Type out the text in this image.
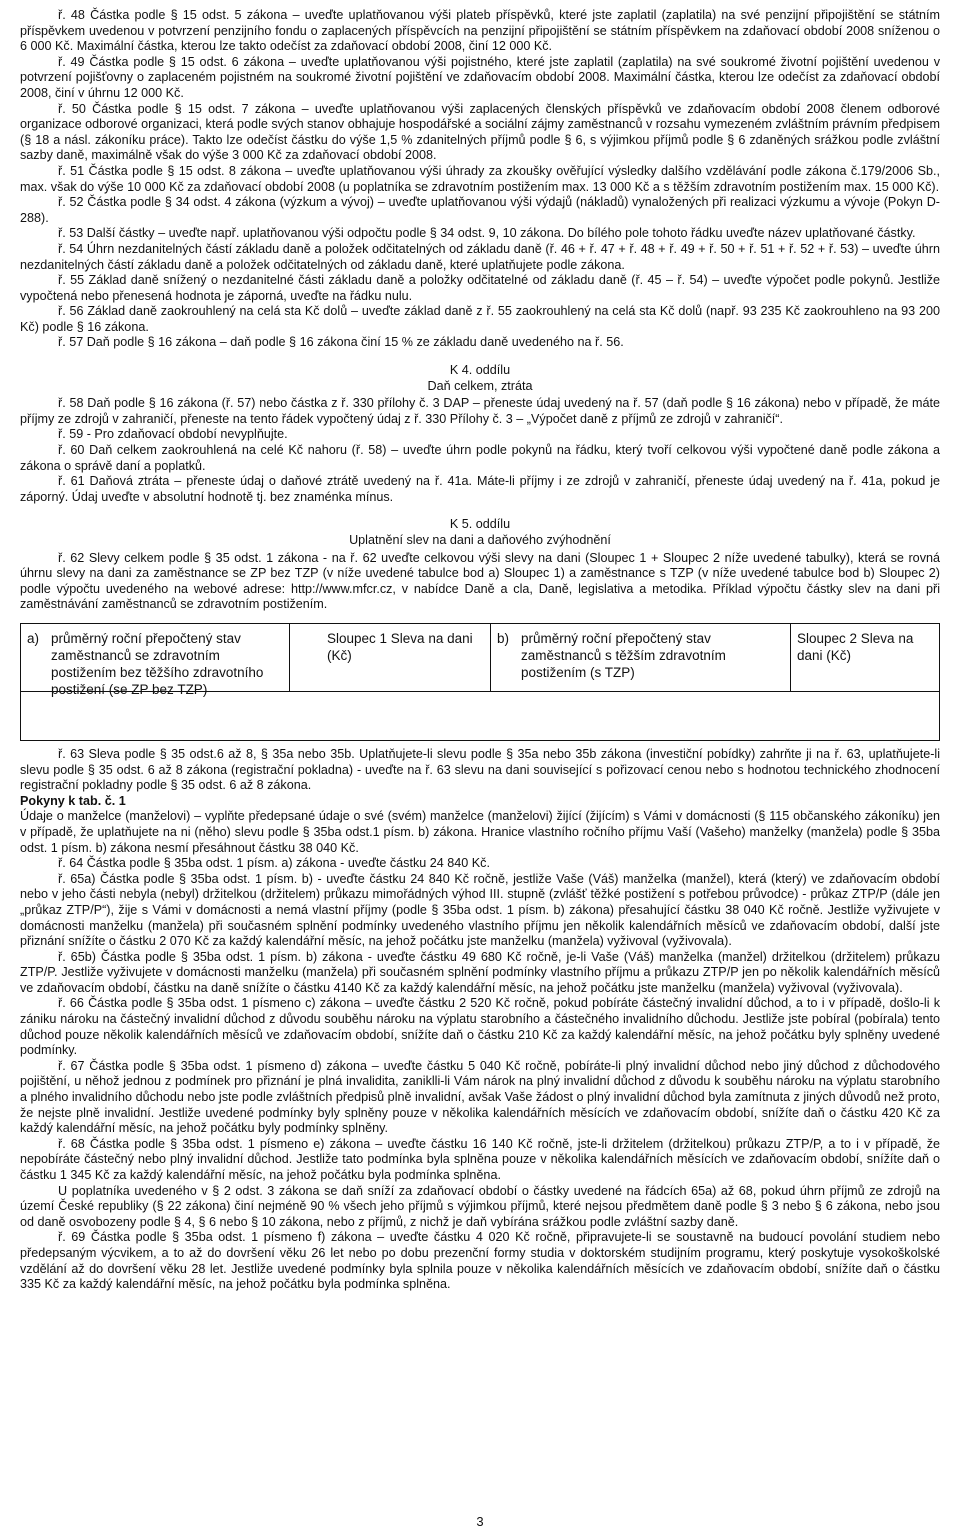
ř. 48 Částka podle § 15 odst. 5 zákona – uveďte uplatňovanou výši plateb příspěvků, které jste zaplatil (zaplatila) na své penzijní připojištění se státním příspěvkem uvedenou v potvrzení penzijního fondu o zaplacených příspěvcích na penzijní připojištění se státním příspěvkem na zdaňovací období 2008 sníženou o 6 000 Kč. Maximální částka, kterou lze takto odečíst za zdaňovací období 2008, činí 12 000 Kč.

ř. 49 Částka podle § 15 odst. 6 zákona – uveďte uplatňovanou výši pojistného, které jste zaplatil (zaplatila) na své soukromé životní pojištění uvedenou v potvrzení pojišťovny o zaplaceném pojistném na soukromé životní pojištění ve zdaňovacím období 2008. Maximální částka, kterou lze odečíst za zdaňovací období 2008, činí v úhrnu 12 000 Kč.

ř. 50 Částka podle § 15 odst. 7 zákona – uveďte uplatňovanou výši zaplacených členských příspěvků ve zdaňovacím období 2008 členem odborové organizace odborové organizaci, která podle svých stanov obhajuje hospodářské a sociální zájmy zaměstnanců v rozsahu vymezeném zvláštním právním předpisem (§ 18 a násl. zákoníku práce). Takto lze odečíst částku do výše 1,5 % zdanitelných příjmů podle § 6, s výjimkou příjmů podle § 6 zdaněných srážkou podle zvláštní sazby daně, maximálně však do výše 3 000 Kč za zdaňovací období 2008.

ř. 51 Částka podle § 15 odst. 8 zákona – uveďte uplatňovanou výši úhrady za zkoušky ověřující výsledky dalšího vzdělávání podle zákona č.179/2006 Sb., max. však do výše 10 000 Kč za zdaňovací období 2008 (u poplatníka se zdravotním postižením max. 13 000 Kč a s těžším zdravotním postižením max. 15 000 Kč).

ř. 52 Částka podle § 34 odst. 4 zákona (výzkum a vývoj) – uveďte uplatňovanou výši výdajů (nákladů) vynaložených při realizaci výzkumu a vývoje (Pokyn D-288).

ř. 53 Další částky – uveďte např. uplatňovanou výši odpočtu podle § 34 odst. 9, 10 zákona. Do bílého pole tohoto řádku uveďte název uplatňované částky.

ř. 54 Úhrn nezdanitelných částí základu daně a položek odčitatelných od základu daně (ř. 46 + ř. 47 + ř. 48 + ř. 49 + ř. 50 + ř. 51 + ř. 52 + ř. 53) – uveďte úhrn nezdanitelných částí základu daně a položek odčitatelných od základu daně, které uplatňujete podle zákona.

ř. 55 Základ daně snížený o nezdanitelné části základu daně a položky odčitatelné od základu daně (ř. 45 – ř. 54) – uveďte výpočet podle pokynů. Jestliže vypočtená nebo přenesená hodnota je záporná, uveďte na řádku nulu.

ř. 56 Základ daně zaokrouhlený na celá sta Kč dolů – uveďte základ daně z ř. 55 zaokrouhlený na celá sta Kč dolů (např. 93 235 Kč zaokrouhleno na 93 200 Kč) podle § 16 zákona.

ř. 57 Daň podle § 16 zákona – daň podle § 16 zákona činí 15 % ze základu daně uvedeného na ř. 56.

K 4. oddílu

Daň celkem, ztráta

ř. 58 Daň podle § 16 zákona (ř. 57) nebo částka z ř. 330 přílohy č. 3 DAP – přeneste údaj uvedený na ř. 57 (daň podle § 16 zákona) nebo v případě, že máte příjmy ze zdrojů v zahraničí, přeneste na tento řádek vypočtený údaj z ř. 330 Přílohy č. 3 – „Výpočet daně z příjmů ze zdrojů v zahraničí“.

ř. 59 - Pro zdaňovací období nevyplňujte.

ř. 60 Daň celkem zaokrouhlená na celé Kč nahoru (ř. 58) – uveďte úhrn podle pokynů na řádku, který tvoří celkovou výši vypočtené daně podle zákona a zákona o správě daní a poplatků.

ř. 61 Daňová ztráta – přeneste údaj o daňové ztrátě uvedený na ř. 41a. Máte-li příjmy i ze zdrojů v zahraničí, přeneste údaj uvedený na ř. 41a, pokud je záporný. Údaj uveďte v absolutní hodnotě tj. bez znaménka mínus.

K 5. oddílu

Uplatnění slev na dani a daňového zvýhodnění

ř. 62 Slevy celkem podle § 35 odst. 1 zákona - na ř. 62 uveďte celkovou výši slevy na dani (Sloupec 1 + Sloupec 2 níže uvedené tabulky), která se rovná úhrnu slevy na dani za zaměstnance se ZP bez TZP (v níže uvedené tabulce bod a) Sloupec 1) a zaměstnance s TZP (v níže uvedené tabulce bod b) Sloupec 2) podle výpočtu uvedeného na webové adrese: http://www.mfcr.cz, v nabídce Daně a cla, Daně, legislativa a metodika. Příklad výpočtu částky slev na dani při zaměstnávání zaměstnanců se zdravotním postižením.

a) průměrný roční přepočtený stav zaměstnanců se zdravotním postižením bez těžšího zdravotního postižení (se ZP bez TZP)
Sloupec 1 Sleva na dani (Kč)
b) průměrný roční přepočtený stav zaměstnanců s těžším zdravotním postižením (s TZP)
Sloupec 2 Sleva na dani (Kč)

ř. 63 Sleva podle § 35 odst.6 až 8, § 35a nebo 35b. Uplatňujete-li slevu podle § 35a nebo 35b zákona (investiční pobídky) zahrňte ji na ř. 63, uplatňujete-li slevu podle § 35 odst. 6 až 8 zákona (registrační pokladna) - uveďte na ř. 63 slevu na dani související s pořizovací cenou nebo s hodnotou technického zhodnocení registrační pokladny podle § 35 odst. 6 až 8 zákona.

Pokyny k tab. č. 1

Údaje o manželce (manželovi) – vyplňte předepsané údaje o své (svém) manželce (manželovi) žijící (žijícím) s Vámi v domácnosti (§ 115 občanského zákoníku) jen v případě, že uplatňujete na ni (něho) slevu podle § 35ba odst.1 písm. b) zákona. Hranice vlastního ročního příjmu Vaší (Vašeho) manželky (manžela) podle § 35ba odst. 1 písm. b) zákona nesmí přesáhnout částku 38 040 Kč.

ř. 64 Částka podle § 35ba odst. 1 písm. a) zákona - uveďte částku 24 840 Kč.

ř. 65a) Částka podle § 35ba odst. 1 písm. b) - uveďte částku 24 840 Kč ročně, jestliže Vaše (Váš) manželka (manžel), která (který) ve zdaňovacím období nebo v jeho části nebyla (nebyl) držitelkou (držitelem) průkazu mimořádných výhod III. stupně (zvlášť těžké postižení s potřebou průvodce) - průkaz ZTP/P (dále jen „průkaz ZTP/P“), žije s Vámi v domácnosti a nemá vlastní příjmy (podle § 35ba odst. 1 písm. b) zákona) přesahující částku 38 040 Kč ročně. Jestliže vyživujete v domácnosti manželku (manžela) při současném splnění podmínky uvedeného vlastního příjmu jen několik kalendářních měsíců ve zdaňovacím období, další jste přiznání snížíte o částku 2 070 Kč za každý kalendářní měsíc, na jehož počátku jste manželku (manžela) vyživoval (vyživovala).

ř. 65b) Částka podle § 35ba odst. 1 písm. b) zákona - uveďte částku 49 680 Kč ročně, je-li Vaše (Váš) manželka (manžel) držitelkou (držitelem) průkazu ZTP/P. Jestliže vyživujete v domácnosti manželku (manžela) při současném splnění podmínky vlastního příjmu a průkazu ZTP/P jen po několik kalendářních měsíců ve zdaňovacím období, částku na daně snížíte o částku 4140 Kč za každý kalendářní měsíc, na jehož počátku jste manželku (manžela) vyživoval (vyživovala).

ř. 66 Částka podle § 35ba odst. 1 písmeno c) zákona – uveďte částku 2 520 Kč ročně, pokud pobíráte částečný invalidní důchod, a to i v případě, došlo-li k zániku nároku na částečný invalidní důchod z důvodu souběhu nároku na výplatu starobního a částečného invalidního důchodu. Jestliže jste pobíral (pobírala) tento důchod pouze několik kalendářních měsíců ve zdaňovacím období, snížíte daň o částku 210 Kč za každý kalendářní měsíc, na jehož počátku byly splněny uvedené podmínky.

ř. 67 Částka podle § 35ba odst. 1 písmeno d) zákona – uveďte částku 5 040 Kč ročně, pobíráte-li plný invalidní důchod nebo jiný důchod z důchodového pojištění, u něhož jednou z podmínek pro přiznání je plná invalidita, zaniklli-li Vám nárok na plný invalidní důchod z důvodu k souběhu nároku na výplatu starobního a plného invalidního důchodu nebo jste podle zvláštních předpisů plně invalidní, avšak Vaše žádost o plný invalidní důchod byla zamítnuta z jiných důvodů než proto, že nejste plně invalidní. Jestliže uvedené podmínky byly splněny pouze v několika kalendářních měsících ve zdaňovacím období, snížíte daň o částku 420 Kč za každý kalendářní měsíc, na jehož počátku byly podmínky splněny.

ř. 68 Částka podle § 35ba odst. 1 písmeno e) zákona – uveďte částku 16 140 Kč ročně, jste-li držitelem (držitelkou) průkazu ZTP/P, a to i v případě, že nepobíráte částečný nebo plný invalidní důchod. Jestliže tato podmínka byla splněna pouze v několika kalendářních měsících ve zdaňovacím období, snížíte daň o částku 1 345 Kč za každý kalendářní měsíc, na jehož počátku byla podmínka splněna.

U poplatníka uvedeného v § 2 odst. 3 zákona se daň sníží za zdaňovací období o částky uvedené na řádcích 65a) až 68, pokud úhrn příjmů ze zdrojů na území České republiky (§ 22 zákona) činí nejméně 90 % všech jeho příjmů s výjimkou příjmů, které nejsou předmětem daně podle § 3 nebo § 6 zákona, nebo jsou od daně osvobozeny podle § 4, § 6 nebo § 10 zákona, nebo z příjmů, z nichž je daň vybírána srážkou podle zvláštní sazby daně.

ř. 69 Částka podle § 35ba odst. 1 písmeno f) zákona – uveďte částku 4 020 Kč ročně, připravujete-li se soustavně na budoucí povolání studiem nebo předepsaným výcvikem, a to až do dovršení věku 26 let nebo po dobu prezenční formy studia v doktorském studijním programu, který poskytuje vysokoškolské vzdělání až do dovršení věku 28 let. Jestliže uvedené podmínky byla splnila pouze v několika kalendářních měsících ve zdaňovacím období, snížíte daň o částku 335 Kč za každý kalendářní měsíc, na jehož počátku byla podmínka splněna.

3
